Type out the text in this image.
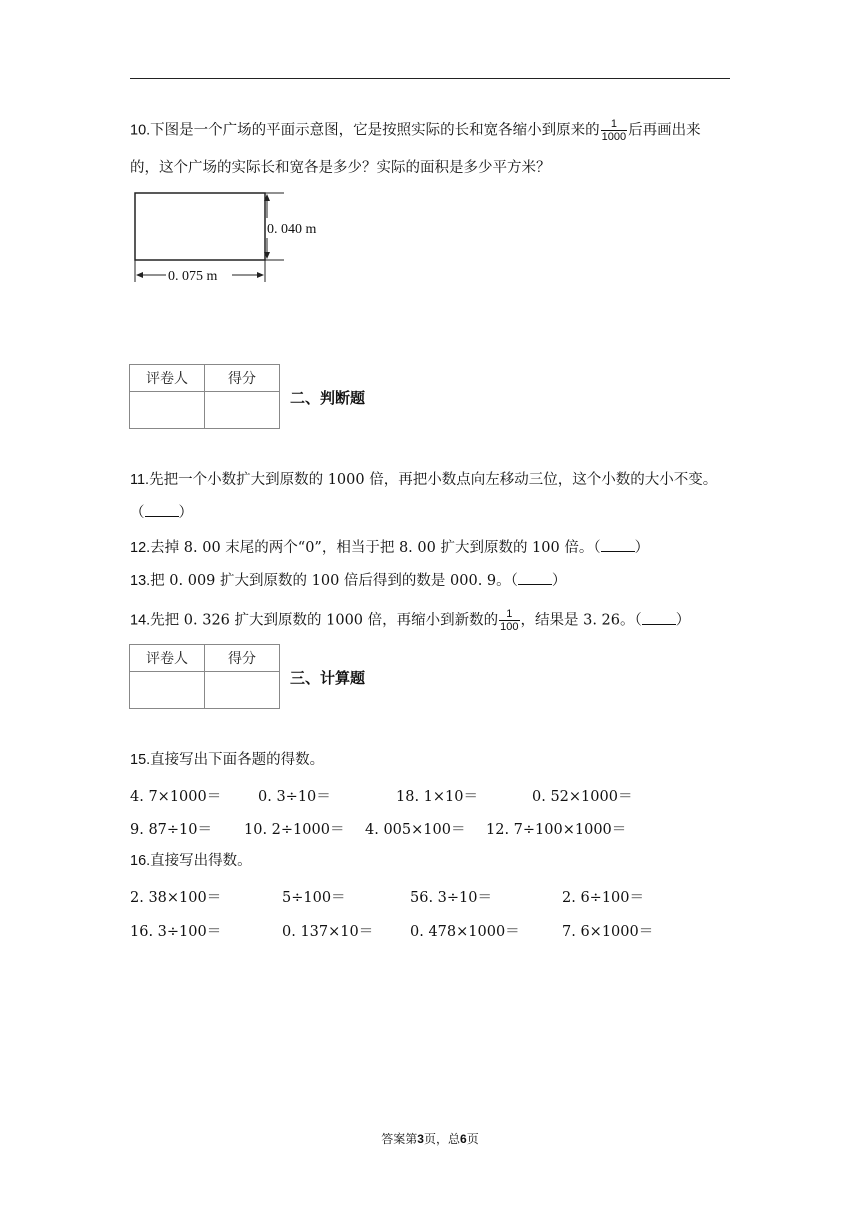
10.下图是一个广场的平面示意图，它是按照实际的长和宽各缩小到原来的 $\frac{1}{1000}$ 后再画出来
的，这个广场的实际长和宽各是多少？实际的面积是多少平方米？
0. 040 m
0. 075 m
评卷人	得分

二、判断题
11.先把一个小数扩大到原数的 1000 倍，再把小数点向左移动三位，这个小数的大小不变。
（ ）
12.去掉 8. 00 末尾的两个“0”，相当于把 8. 00 扩大到原数的 100 倍。（ ）
13.把 0. 009 扩大到原数的 100 倍后得到的数是 000. 9。（ ）
14.先把 0. 326 扩大到原数的 1000 倍，再缩小到新数的 $\frac{1}{100}$ ，结果是 3. 26。（ ）
评卷人	得分

三、计算题
15.直接写出下面各题的得数。
4. 7×1000＝	0. 3÷10＝	18. 1×10＝	0. 52×1000＝
9. 87÷10＝ 10. 2÷1000＝ 4. 005×100＝ 12. 7÷100×1000＝
16.直接写出得数。
2. 38×100＝	5÷100＝	56. 3÷10＝	2. 6÷100＝
16. 3÷100＝	0. 137×10＝	0. 478×1000＝	7. 6×1000＝
答案第3页，总6页
